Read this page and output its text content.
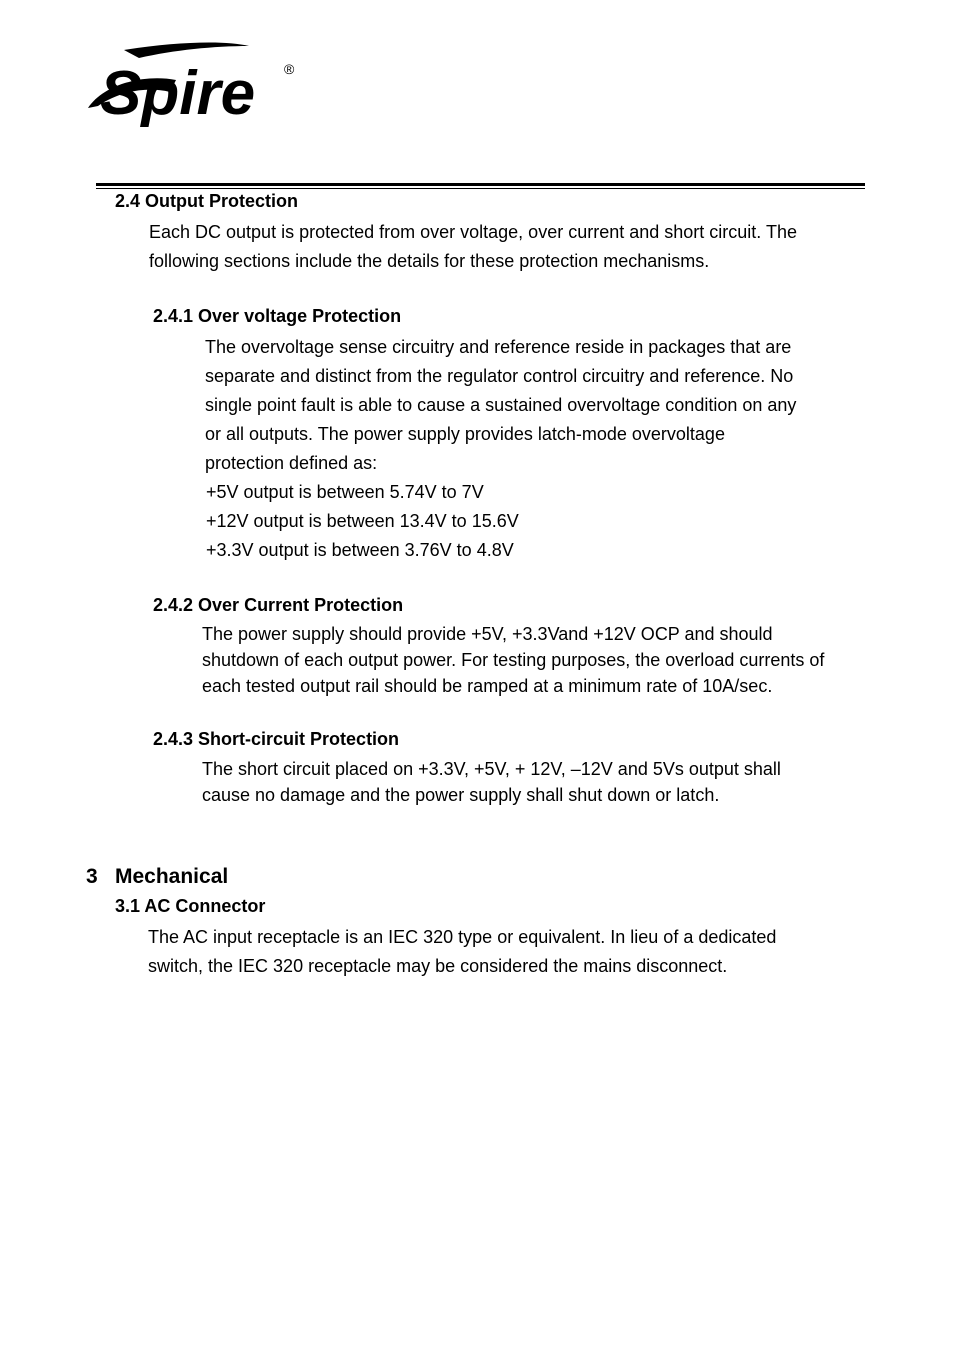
Spire ®
2.4 Output Protection
Each DC output is protected from over voltage, over current and short circuit. The
following sections include the details for these protection mechanisms.
2.4.1 Over voltage Protection
The overvoltage sense circuitry and reference reside in packages that are
separate and distinct from the regulator control circuitry and reference. No
single point fault is able to cause a sustained overvoltage condition on any
or all outputs. The power supply provides latch-mode overvoltage
protection defined as:
+5V output is between 5.74V to 7V
+12V output is between 13.4V to 15.6V
+3.3V output is between 3.76V to 4.8V
2.4.2 Over Current Protection
The power supply should provide +5V, +3.3Vand +12V OCP and should
shutdown of each output power. For testing purposes, the overload currents of
each tested output rail should be ramped at a minimum rate of 10A/sec.
2.4.3 Short-circuit Protection
The short circuit placed on +3.3V, +5V, + 12V, –12V and 5Vs output shall
cause no damage and the power supply shall shut down or latch.
3 Mechanical
3.1 AC Connector
The AC input receptacle is an IEC 320 type or equivalent. In lieu of a dedicated
switch, the IEC 320 receptacle may be considered the mains disconnect.
